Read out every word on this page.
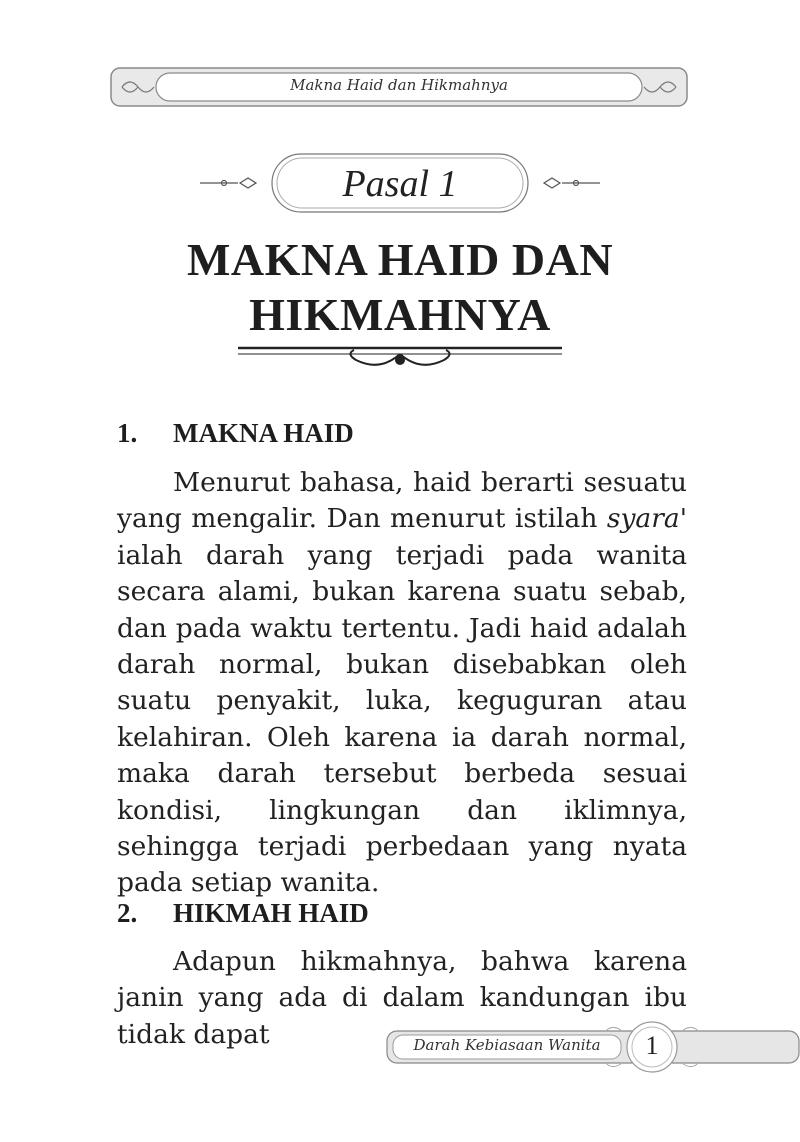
Makna Haid dan Hikmahnya
Pasal 1
MAKNA HAID DAN
HIKMAHNYA
1. MAKNA HAID

Menurut bahasa, haid berarti sesuatu yang mengalir. Dan menurut istilah syara' ialah darah yang terjadi pada wanita secara alami, bukan karena suatu sebab, dan pada waktu tertentu. Jadi haid adalah darah normal, bukan disebabkan oleh suatu penyakit, luka, keguguran atau kelahiran. Oleh karena ia darah normal, maka darah tersebut berbeda sesuai kondisi, lingkungan dan iklimnya, sehingga terjadi perbedaan yang nyata pada setiap wanita.

2. HIKMAH HAID

Adapun hikmahnya, bahwa karena janin yang ada di dalam kandungan ibu tidak dapat	Darah Kebiasaan Wanita	1
